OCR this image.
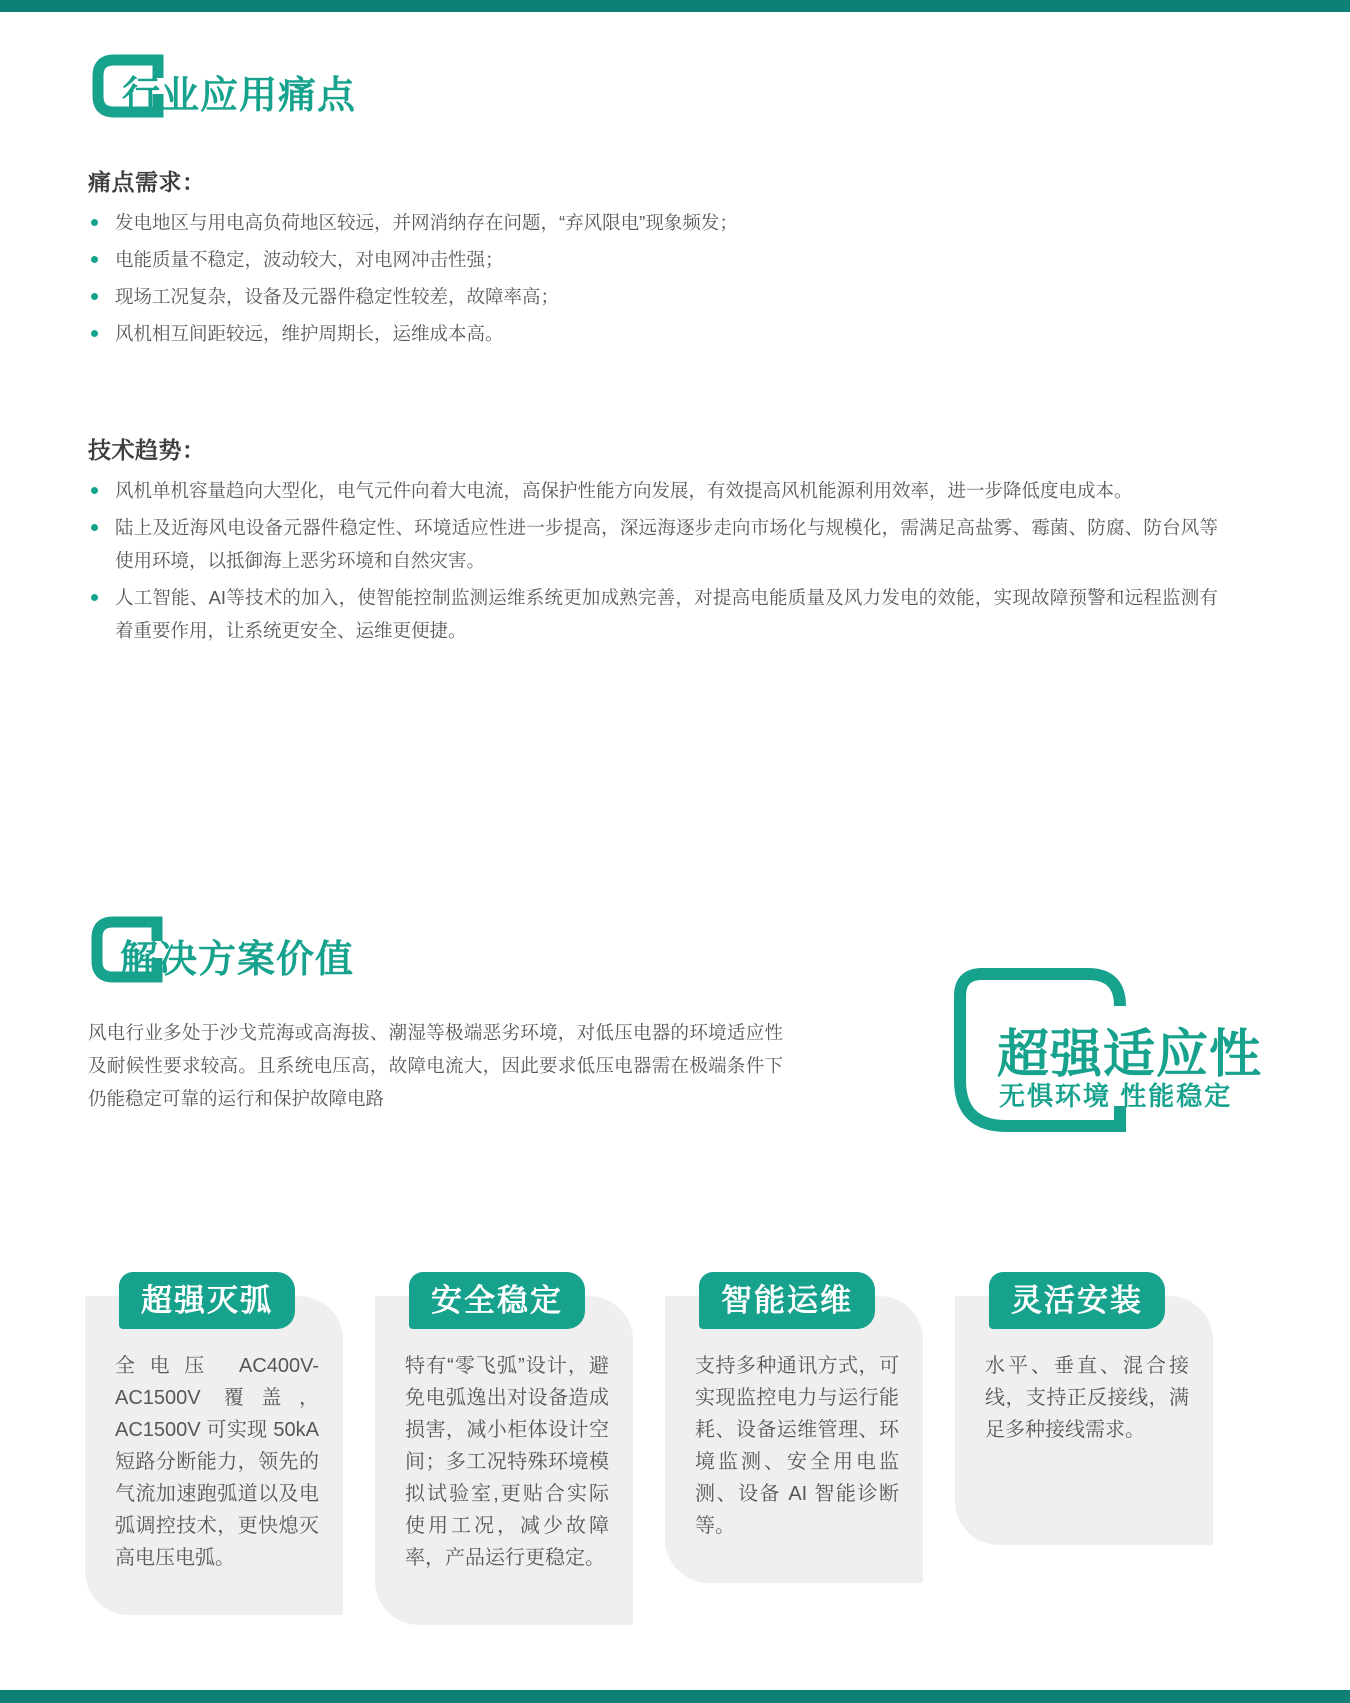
行业应用痛点
痛点需求：
发电地区与用电高负荷地区较远，并网消纳存在问题，“弃风限电”现象频发；
电能质量不稳定，波动较大，对电网冲击性强；
现场工况复杂，设备及元器件稳定性较差，故障率高；
风机相互间距较远，维护周期长，运维成本高。
技术趋势：
风机单机容量趋向大型化，电气元件向着大电流，高保护性能方向发展，有效提高风机能源利用效率，进一步降低度电成本。
陆上及近海风电设备元器件稳定性、环境适应性进一步提高，深远海逐步走向市场化与规模化，需满足高盐雾、霉菌、防腐、防台风等使用环境，以抵御海上恶劣环境和自然灾害。
人工智能、AI等技术的加入，使智能控制监测运维系统更加成熟完善，对提高电能质量及风力发电的效能，实现故障预警和远程监测有着重要作用，让系统更安全、运维更便捷。
解决方案价值

风电行业多处于沙戈荒海或高海拔、潮湿等极端恶劣环境，对低压电器的环境适应性及耐候性要求较高。且系统电压高，故障电流大，因此要求低压电器需在极端条件下仍能稳定可靠的运行和保护故障电路

超强适应性
无惧环境 性能稳定
超强灭弧

全电压 AC400V-AC1500V 覆盖，AC1500V 可实现 50kA 短路分断能力，领先的气流加速跑弧道以及电弧调控技术，更快熄灭高电压电弧。

安全稳定

特有“零飞弧”设计，避免电弧逸出对设备造成损害，减小柜体设计空间；多工况特殊环境模拟试验室,更贴合实际使用工况，减少故障率，产品运行更稳定。

智能运维

支持多种通讯方式，可实现监控电力与运行能耗、设备运维管理、环境监测、安全用电监测、设备 AI 智能诊断等。

灵活安装

水平、垂直、混合接线，支持正反接线，满足多种接线需求。
